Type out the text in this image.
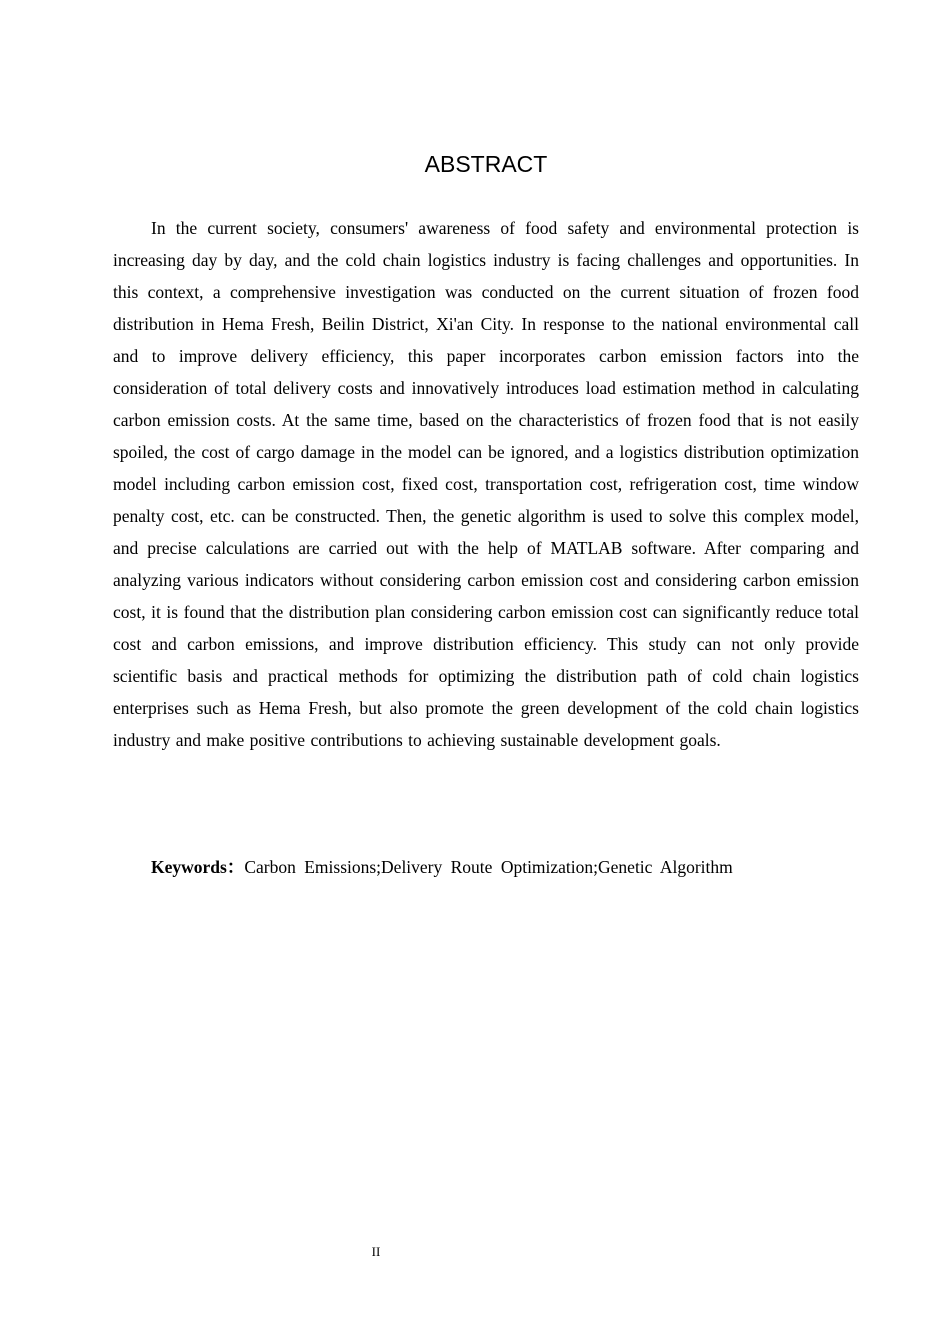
ABSTRACT

In the current society, consumers' awareness of food safety and environmental protection is increasing day by day, and the cold chain logistics industry is facing challenges and opportunities. In this context, a comprehensive investigation was conducted on the current situation of frozen food distribution in Hema Fresh, Beilin District, Xi'an City. In response to the national environmental call and to improve delivery efficiency, this paper incorporates carbon emission factors into the consideration of total delivery costs and innovatively introduces load estimation method in calculating carbon emission costs. At the same time, based on the characteristics of frozen food that is not easily spoiled, the cost of cargo damage in the model can be ignored, and a logistics distribution optimization model including carbon emission cost, fixed cost, transportation cost, refrigeration cost, time window penalty cost, etc. can be constructed. Then, the genetic algorithm is used to solve this complex model, and precise calculations are carried out with the help of MATLAB software. After comparing and analyzing various indicators without considering carbon emission cost and considering carbon emission cost, it is found that the distribution plan considering carbon emission cost can significantly reduce total cost and carbon emissions, and improve distribution efficiency. This study can not only provide scientific basis and practical methods for optimizing the distribution path of cold chain logistics enterprises such as Hema Fresh, but also promote the green development of the cold chain logistics industry and make positive contributions to achieving sustainable development goals.

Keywords：Carbon Emissions;Delivery Route Optimization;Genetic Algorithm

II
